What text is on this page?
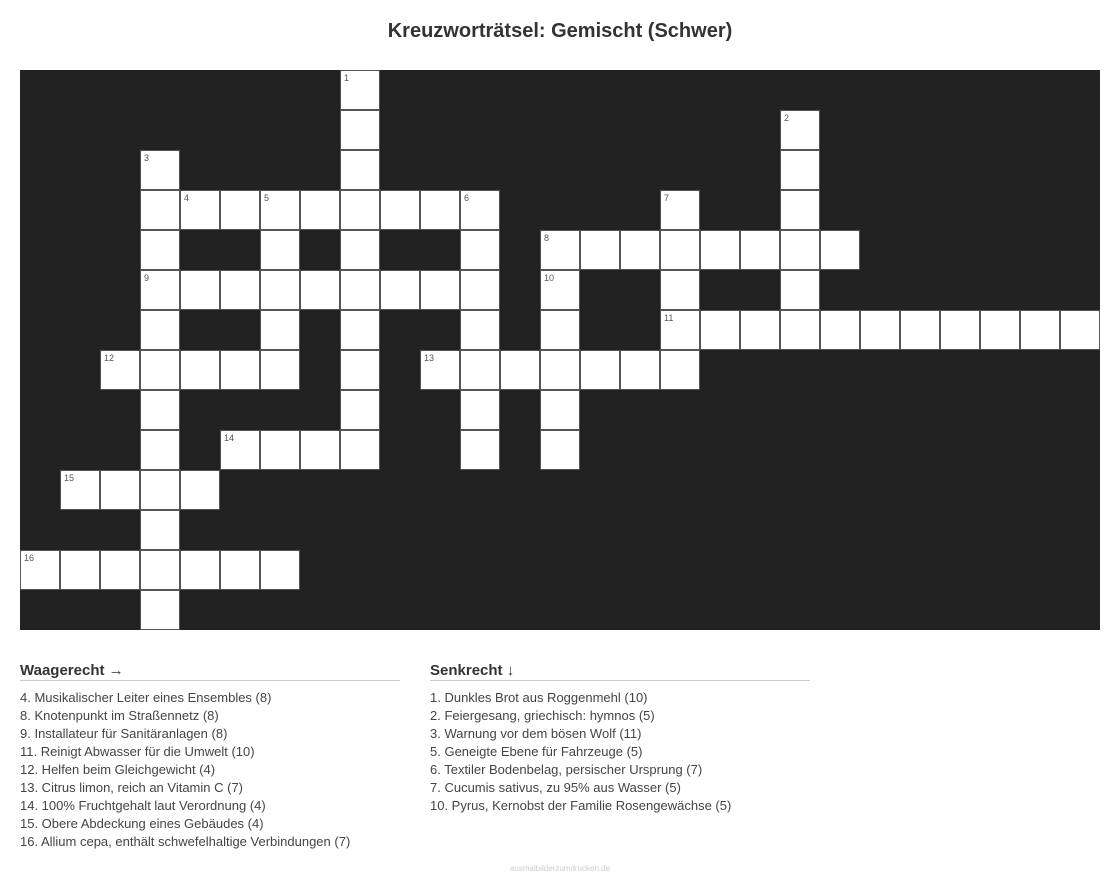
Kreuzworträtsel: Gemischt (Schwer)
1
2
3
9
4	5	6	7
11
8
10
12	13
14
15
16
Waagerecht →
4. Musikalischer Leiter eines Ensembles (8)
8. Knotenpunkt im Straßennetz (8)
9. Installateur für Sanitäranlagen (8)
11. Reinigt Abwasser für die Umwelt (10)
12. Helfen beim Gleichgewicht (4)
13. Citrus limon, reich an Vitamin C (7)
14. 100% Fruchtgehalt laut Verordnung (4)
15. Obere Abdeckung eines Gebäudes (4)
16. Allium cepa, enthält schwefelhaltige Verbindungen (7)
Senkrecht ↓
1. Dunkles Brot aus Roggenmehl (10)
2. Feiergesang, griechisch: hymnos (5)
3. Warnung vor dem bösen Wolf (11)
5. Geneigte Ebene für Fahrzeuge (5)
6. Textiler Bodenbelag, persischer Ursprung (7)
7. Cucumis sativus, zu 95% aus Wasser (5)
10. Pyrus, Kernobst der Familie Rosengewächse (5)
ausmalbilderzumdrucken.de
